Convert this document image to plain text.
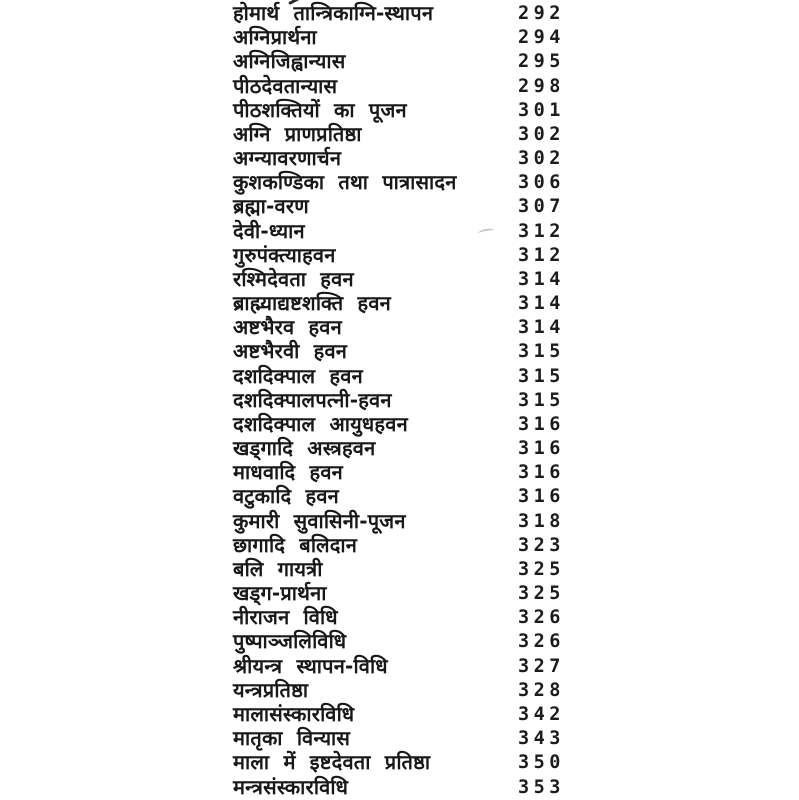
होमार्थ तान्त्रिकाग्नि-स्थापन	292
अग्निप्रार्थना	294
अग्निजिह्वान्यास	295
पीठदेवतान्यास	298
पीठशक्तियों का पूजन	301
अग्नि प्राणप्रतिष्ठा	302
अग्न्यावरणार्चन	302
कुशकण्डिका तथा पात्रासादन	306
ब्रह्मा-वरण	307
देवी-ध्यान	312
गुरुपंक्त्याहवन	312
रश्मिदेवता हवन	314
ब्राह्म्याद्यष्टशक्ति हवन	314
अष्टभैरव हवन	314
अष्टभैरवी हवन	315
दशदिक्पाल हवन	315
दशदिक्पालपत्नी-हवन	315
दशदिक्पाल आयुधहवन	316
खड्गादि अस्त्रहवन	316
माधवादि हवन	316
वटुकादि हवन	316
कुमारी सुवासिनी-पूजन	318
छागादि बलिदान	323
बलि गायत्री	325
खड्ग-प्रार्थना	325
नीराजन विधि	326
पुष्पाञ्जलिविधि	326
श्रीयन्त्र स्थापन-विधि	327
यन्त्रप्रतिष्ठा	328
मालासंस्कारविधि	342
मातृका विन्यास	343
माला में इष्टदेवता प्रतिष्ठा	350
मन्त्रसंस्कारविधि	353
